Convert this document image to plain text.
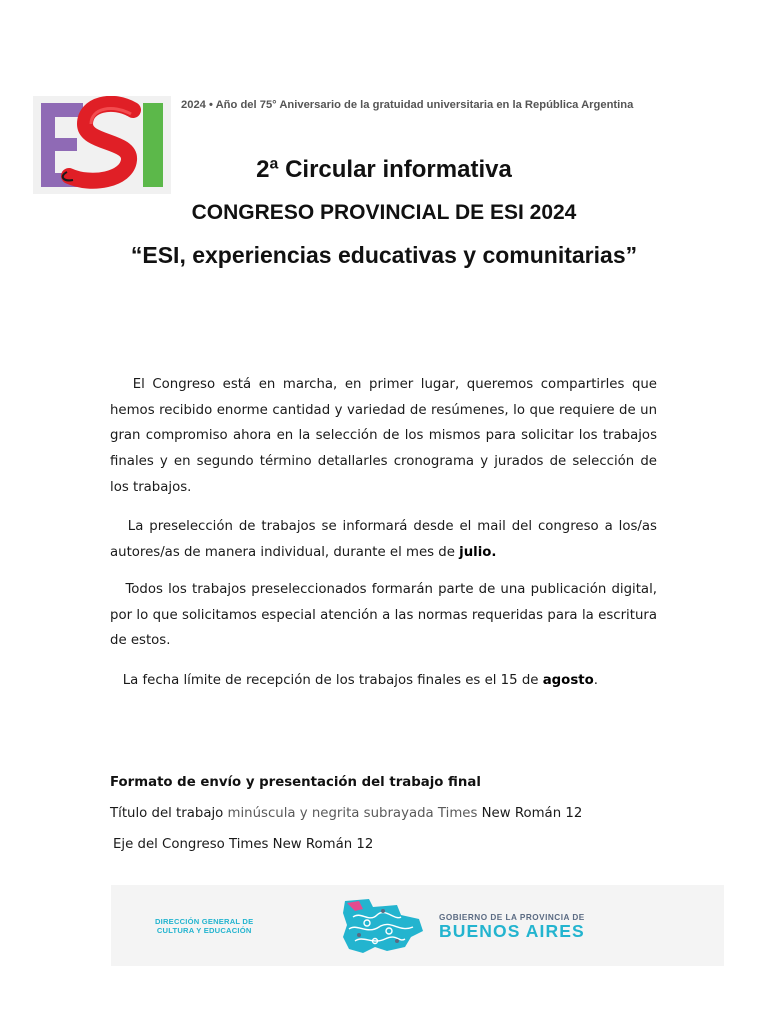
2024 • Año del 75° Aniversario de la gratuidad universitaria en la República Argentina
2ª Circular informativa
CONGRESO PROVINCIAL DE ESI 2024
“ESI, experiencias educativas y comunitarias”

El Congreso está en marcha, en primer lugar, queremos compartirles que hemos recibido enorme cantidad y variedad de resúmenes, lo que requiere de un gran compromiso ahora en la selección de los mismos para solicitar los trabajos finales y en segundo término detallarles cronograma y jurados de selección de los trabajos.

La preselección de trabajos se informará desde el mail del congreso a los/as autores/as de manera individual, durante el mes de julio.

Todos los trabajos preseleccionados formarán parte de una publicación digital, por lo que solicitamos especial atención a las normas requeridas para la escritura de estos.

La fecha límite de recepción de los trabajos finales es el 15 de agosto.

Formato de envío y presentación del trabajo final
Título del trabajo minúscula y negrita subrayada Times New Román 12
Eje del Congreso Times New Román 12
DIRECCIÓN GENERAL DE
CULTURA Y EDUCACIÓN
GOBIERNO DE LA PROVINCIA DE
BUENOS AIRES
